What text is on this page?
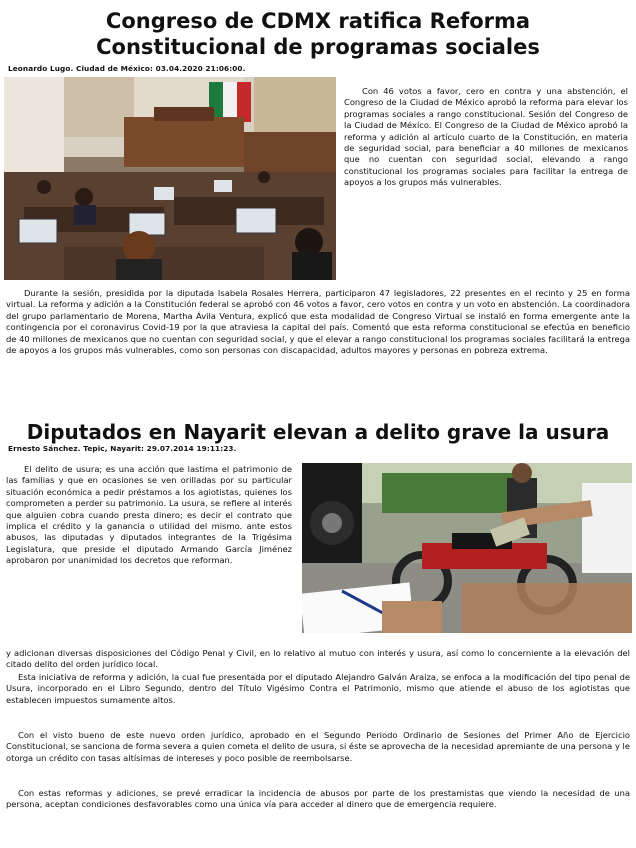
Congreso de CDMX ratifica Reforma
Constitucional de programas sociales

Leonardo Lugo. Ciudad de México: 03.04.2020 21:06:00.

Con 46 votos a favor, cero en contra y una abstención, el Congreso de la Ciudad de México aprobó la reforma para elevar los programas sociales a rango constitucional. Sesión del Congreso de la Ciudad de México. El Congreso de la Ciudad de México aprobó la reforma y adición al artículo cuarto de la Constitución, en materia de seguridad social, para beneficiar a 40 millones de mexicanos que no cuentan con seguridad social, elevando a rango constitucional los programas sociales para facilitar la entrega de apoyos a los grupos más vulnerables.

Durante la sesión, presidida por la diputada Isabela Rosales Herrera, participaron 47 legisladores, 22 presentes en el recinto y 25 en forma virtual. La reforma y adición a la Constitución federal se aprobó con 46 votos a favor, cero votos en contra y un voto en abstención. La coordinadora del grupo parlamentario de Morena, Martha Ávila Ventura, explicó que esta modalidad de Congreso Virtual se instaló en forma emergente ante la contingencia por el coronavirus Covid-19 por la que atraviesa la capital del país. Comentó que esta reforma constitucional se efectúa en beneficio de 40 millones de mexicanos que no cuentan con seguridad social, y que el elevar a rango constitucional los programas sociales facilitará la entrega de apoyos a los grupos más vulnerables, como son personas con discapacidad, adultos mayores y personas en pobreza extrema.

Diputados en Nayarit elevan a delito grave la usura

Ernesto Sánchez. Tepic, Nayarit: 29.07.2014 19:11:23.

El delito de usura; es una acción que lastima el patrimonio de las familias y que en ocasiones se ven orilladas por su particular situación económica a pedir préstamos a los agiotistas, quienes los comprometen a perder su patrimonio. La usura, se refiere al interés que alguien cobra cuando presta dinero; es decir el contrato que implica el crédito y la ganancia o utilidad del mismo. ante estos abusos, las diputadas y diputados integrantes de la Trigésima Legislatura, que preside el diputado Armando García Jiménez aprobaron por unanimidad los decretos que reforman.

y adicionan diversas disposiciones del Código Penal y Civil, en lo relativo al mutuo con interés y usura, así como lo concerniente a la elevación del citado delito del orden jurídico local.

Esta iniciativa de reforma y adición, la cual fue presentada por el diputado Alejandro Galván Araiza, se enfoca a la modificación del tipo penal de Usura, incorporado en el Libro Segundo, dentro del Título Vigésimo Contra el Patrimonio, mismo que atiende el abuso de los agiotistas que establecen impuestos sumamente altos.

Con el visto bueno de este nuevo orden jurídico, aprobado en el Segundo Periodo Ordinario de Sesiones del Primer Año de Ejercicio Constitucional, se sanciona de forma severa a quien cometa el delito de usura, si éste se aprovecha de la necesidad apremiante de una persona y le otorga un crédito con tasas altísimas de intereses y poco posible de reembolsarse.

Con estas reformas y adiciones, se prevé erradicar la incidencia de abusos por parte de los prestamistas que viendo la necesidad de una persona, aceptan condiciones desfavorables como una única vía para acceder al dinero que de emergencia requiere.
